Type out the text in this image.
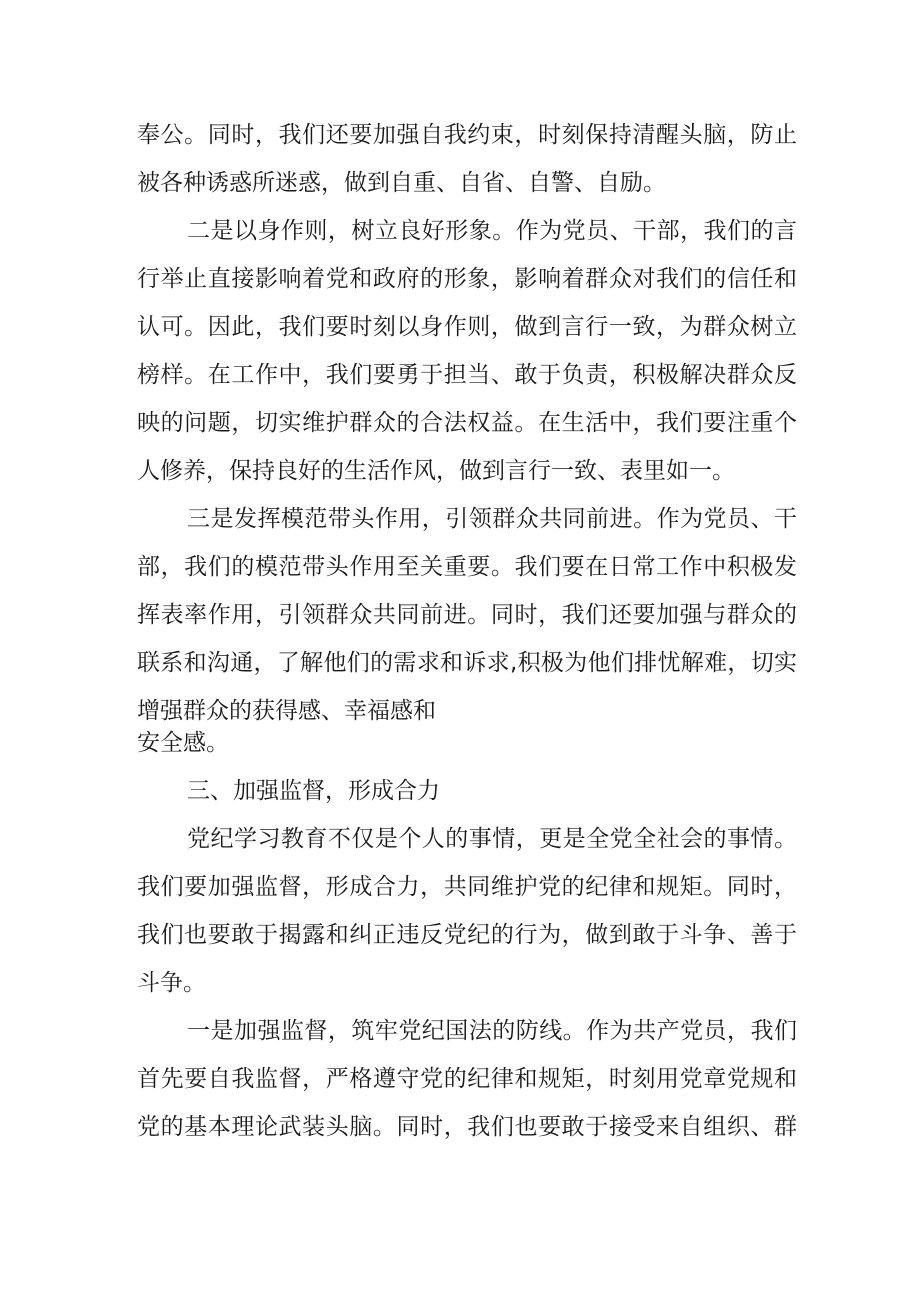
奉公。同时，我们还要加强自我约束，时刻保持清醒头脑，防止
被各种诱惑所迷惑，做到自重、自省、自警、自励。
二是以身作则，树立良好形象。作为党员、干部，我们的言
行举止直接影响着党和政府的形象，影响着群众对我们的信任和
认可。因此，我们要时刻以身作则，做到言行一致，为群众树立
榜样。在工作中，我们要勇于担当、敢于负责，积极解决群众反
映的问题，切实维护群众的合法权益。在生活中，我们要注重个
人修养，保持良好的生活作风，做到言行一致、表里如一。
三是发挥模范带头作用，引领群众共同前进。作为党员、干
部，我们的模范带头作用至关重要。我们要在日常工作中积极发
挥表率作用，引领群众共同前进。同时，我们还要加强与群众的
联系和沟通，了解他们的需求和诉求,积极为他们排忧解难，切实
增强群众的获得感、幸福感和
安全感。
三、加强监督，形成合力
党纪学习教育不仅是个人的事情，更是全党全社会的事情。
我们要加强监督，形成合力，共同维护党的纪律和规矩。同时，
我们也要敢于揭露和纠正违反党纪的行为，做到敢于斗争、善于
斗争。
一是加强监督，筑牢党纪国法的防线。作为共产党员，我们
首先要自我监督，严格遵守党的纪律和规矩，时刻用党章党规和
党的基本理论武装头脑。同时，我们也要敢于接受来自组织、群
